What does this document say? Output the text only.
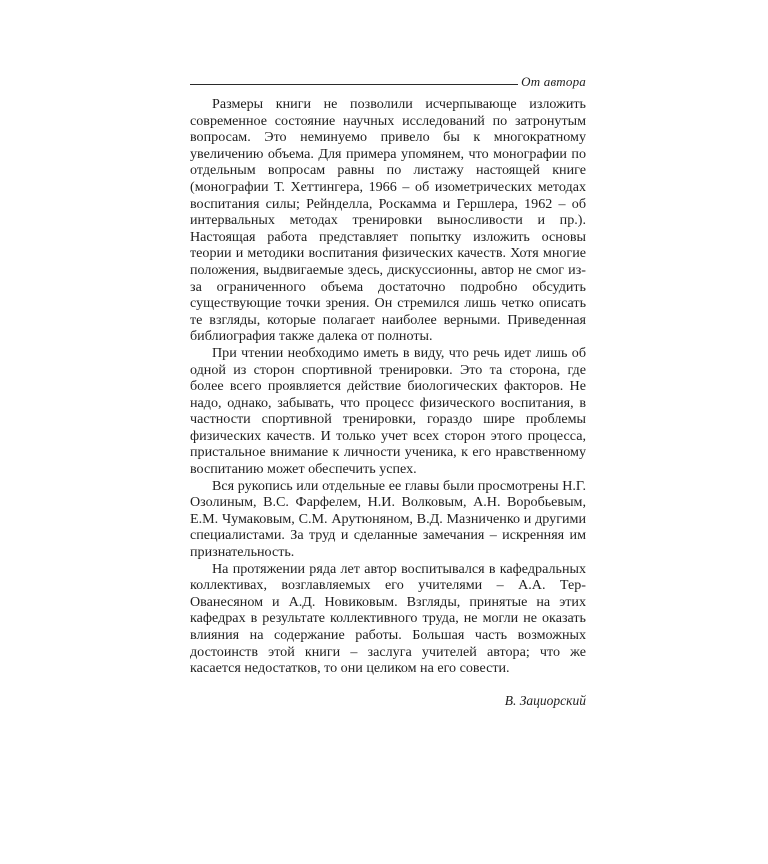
От автора

Размеры книги не позволили исчерпывающе изложить современное состояние научных исследований по затронутым вопросам. Это неминуемо привело бы к многократному увеличению объема. Для примера упомянем, что монографии по отдельным вопросам равны по листажу настоящей книге (монографии Т. Хеттингера, 1966 – об изометрических методах воспитания силы; Рейнделла, Роскамма и Гершлера, 1962 – об интервальных методах тренировки выносливости и пр.). Настоящая работа представляет попытку изложить основы теории и методики воспитания физических качеств. Хотя многие положения, выдвигаемые здесь, дискуссионны, автор не смог из-за ограниченного объема достаточно подробно обсудить существующие точки зрения. Он стремился лишь четко описать те взгляды, которые полагает наиболее верными. Приведенная библиография также далека от полноты.

При чтении необходимо иметь в виду, что речь идет лишь об одной из сторон спортивной тренировки. Это та сторона, где более всего проявляется действие биологических факторов. Не надо, однако, забывать, что процесс физического воспитания, в частности спортивной тренировки, гораздо шире проблемы физических качеств. И только учет всех сторон этого процесса, пристальное внимание к личности ученика, к его нравственному воспитанию может обеспечить успех.

Вся рукопись или отдельные ее главы были просмотрены Н.Г. Озолиным, В.С. Фарфелем, Н.И. Волковым, А.Н. Воробьевым, Е.М. Чумаковым, С.М. Арутюняном, В.Д. Мазниченко и другими специалистами. За труд и сделанные замечания – искренняя им признательность.

На протяжении ряда лет автор воспитывался в кафедральных коллективах, возглавляемых его учителями – А.А. Тер-Ованесяном и А.Д. Новиковым. Взгляды, принятые на этих кафедрах в результате коллективного труда, не могли не оказать влияния на содержание работы. Большая часть возможных достоинств этой книги – заслуга учителей автора; что же касается недостатков, то они целиком на его совести.

В. Зациорский
